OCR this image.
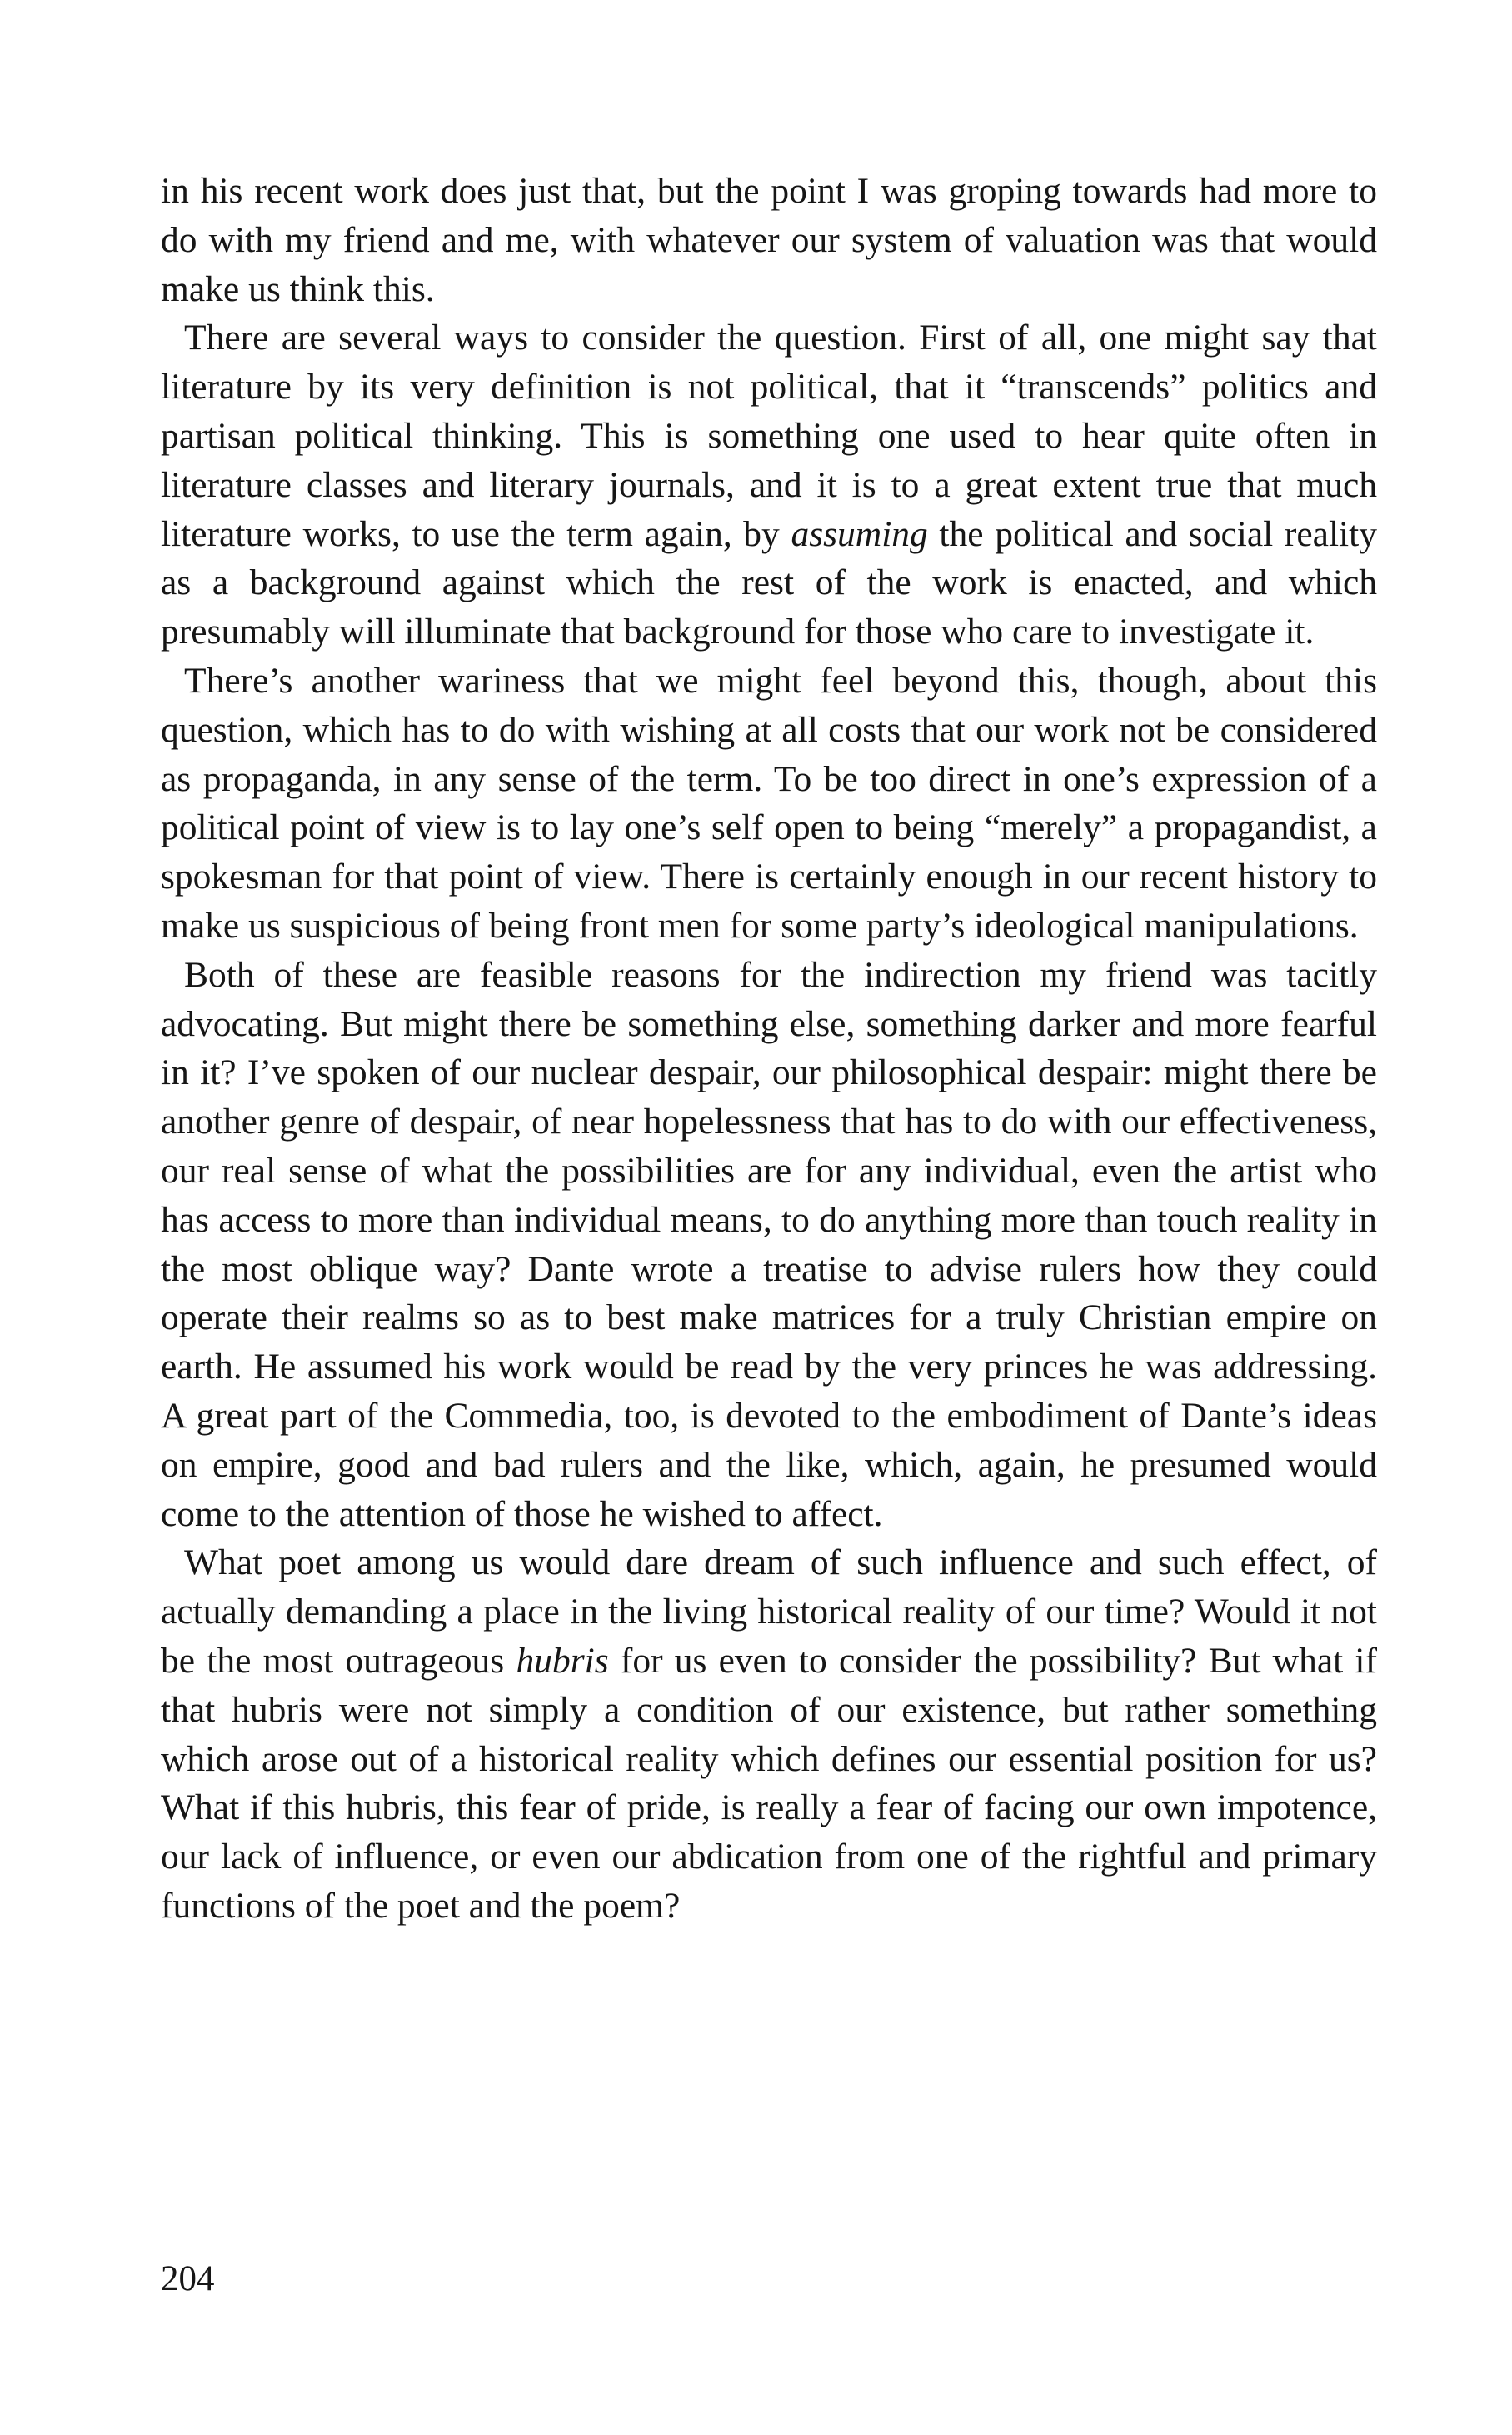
in his recent work does just that, but the point I was groping towards had more to do with my friend and me, with whatever our system of valuation was that would make us think this.

There are several ways to consider the question. First of all, one might say that literature by its very definition is not political, that it “transcends” politics and partisan political thinking. This is something one used to hear quite often in literature classes and literary journals, and it is to a great extent true that much literature works, to use the term again, by assuming the political and social reality as a background against which the rest of the work is enacted, and which presumably will illuminate that background for those who care to investigate it.

There’s another wariness that we might feel beyond this, though, about this question, which has to do with wishing at all costs that our work not be considered as propaganda, in any sense of the term. To be too direct in one’s expression of a political point of view is to lay one’s self open to being “merely” a propagandist, a spokesman for that point of view. There is certainly enough in our recent history to make us suspicious of being front men for some party’s ideological manipulations.

Both of these are feasible reasons for the indirection my friend was tacitly advocating. But might there be something else, something darker and more fearful in it? I’ve spoken of our nuclear despair, our philosophical despair: might there be another genre of despair, of near hopelessness that has to do with our effectiveness, our real sense of what the possibilities are for any individual, even the artist who has access to more than individual means, to do anything more than touch reality in the most oblique way? Dante wrote a treatise to advise rulers how they could operate their realms so as to best make matrices for a truly Christian empire on earth. He assumed his work would be read by the very princes he was addressing. A great part of the Commedia, too, is devoted to the embodiment of Dante’s ideas on empire, good and bad rulers and the like, which, again, he presumed would come to the attention of those he wished to affect.

What poet among us would dare dream of such influence and such effect, of actually demanding a place in the living historical reality of our time? Would it not be the most outrageous hubris for us even to consider the possibility? But what if that hubris were not simply a condition of our existence, but rather something which arose out of a historical reality which defines our essential position for us? What if this hubris, this fear of pride, is really a fear of facing our own impotence, our lack of influence, or even our abdication from one of the rightful and primary functions of the poet and the poem?

204
